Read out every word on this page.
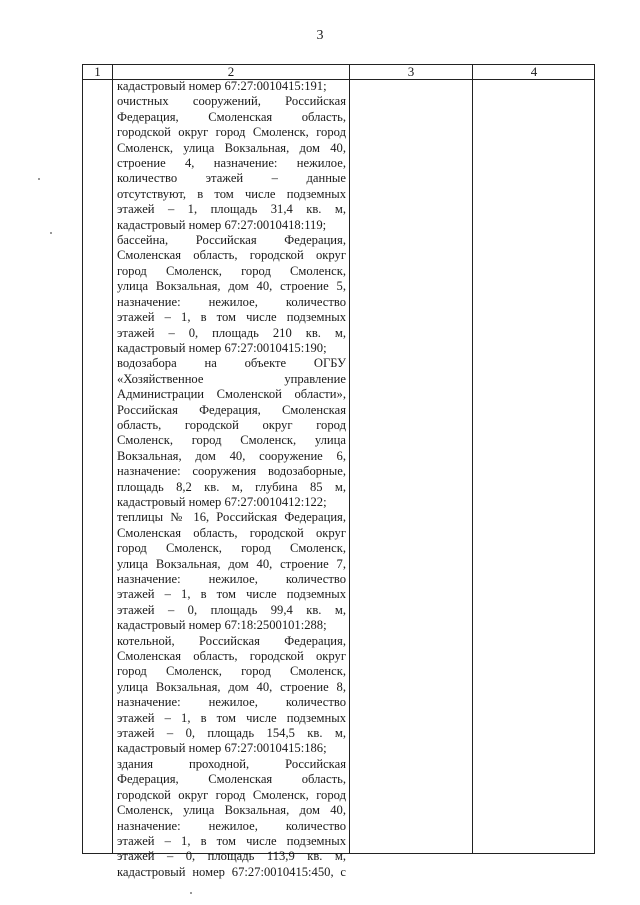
3
1	2	3	4
кадастровый номер 67:27:0010415:191;
очистных сооружений, Российская
Федерация, Смоленская область,
городской округ город Смоленск, город
Смоленск, улица Вокзальная, дом 40,
строение 4, назначение: нежилое,
количество этажей – данные
отсутствуют, в том числе подземных
этажей – 1, площадь 31,4 кв. м,
кадастровый номер 67:27:0010418:119;
бассейна, Российская Федерация,
Смоленская область, городской округ
город Смоленск, город Смоленск,
улица Вокзальная, дом 40, строение 5,
назначение: нежилое, количество
этажей – 1, в том числе подземных
этажей – 0, площадь 210 кв. м,
кадастровый номер 67:27:0010415:190;
водозабора на объекте ОГБУ
«Хозяйственное управление
Администрации Смоленской области»,
Российская Федерация, Смоленская
область, городской округ город
Смоленск, город Смоленск, улица
Вокзальная, дом 40, сооружение 6,
назначение: сооружения водозаборные,
площадь 8,2 кв. м, глубина 85 м,
кадастровый номер 67:27:0010412:122;
теплицы № 16, Российская Федерация,
Смоленская область, городской округ
город Смоленск, город Смоленск,
улица Вокзальная, дом 40, строение 7,
назначение: нежилое, количество
этажей – 1, в том числе подземных
этажей – 0, площадь 99,4 кв. м,
кадастровый номер 67:18:2500101:288;
котельной, Российская Федерация,
Смоленская область, городской округ
город Смоленск, город Смоленск,
улица Вокзальная, дом 40, строение 8,
назначение: нежилое, количество
этажей – 1, в том числе подземных
этажей – 0, площадь 154,5 кв. м,
кадастровый номер 67:27:0010415:186;
здания проходной, Российская
Федерация, Смоленская область,
городской округ город Смоленск, город
Смоленск, улица Вокзальная, дом 40,
назначение: нежилое, количество
этажей – 1, в том числе подземных
этажей – 0, площадь 113,9 кв. м,
кадастровый номер 67:27:0010415:450, с
